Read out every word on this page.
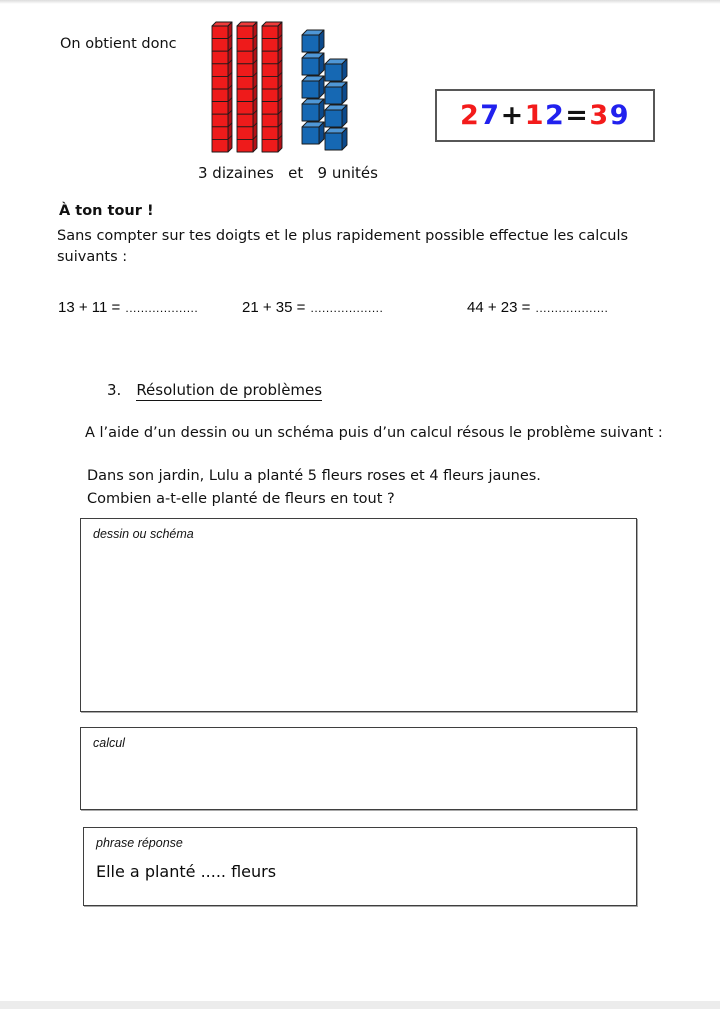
On obtient donc
2 7 + 1 2 = 3 9
3 dizaines   et   9 unités
À ton tour !
Sans compter sur tes doigts et le plus rapidement possible effectue les calculs suivants :
13 + 11 = ...................	21 + 35 = ...................	44 + 23 = ...................
3. Résolution de problèmes
A l’aide d’un dessin ou un schéma puis d’un calcul résous le problème suivant :
Dans son jardin, Lulu a planté 5 fleurs roses et 4 fleurs jaunes.
Combien a-t-elle planté de fleurs en tout ?
dessin ou schéma
calcul
phrase réponse
Elle a planté ..... fleurs
